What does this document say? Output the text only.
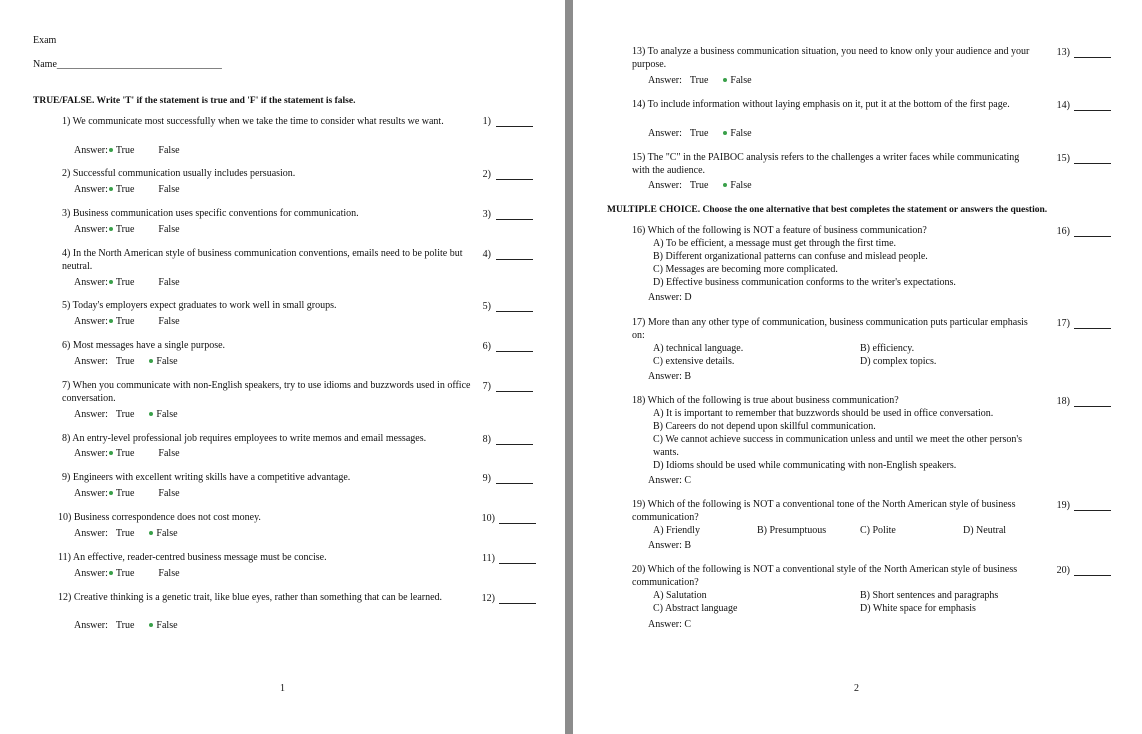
Exam
Name_________________________________
TRUE/FALSE. Write 'T' if the statement is true and 'F' if the statement is false.
1) We communicate most successfully when we take the time to consider what results we want.	1)
Answer: True False
2) Successful communication usually includes persuasion.	2)
Answer: True False
3) Business communication uses specific conventions for communication.	3)
Answer: True False
4) In the North American style of business communication conventions, emails need to be polite but neutral.
4)
Answer: True False
5) Today's employers expect graduates to work well in small groups.	5)
Answer: True False
6) Most messages have a single purpose.	6)
Answer: True False
7) When you communicate with non-English speakers, try to use idioms and buzzwords used in office conversation.
7)
Answer: True False
8) An entry-level professional job requires employees to write memos and email messages.	8)
Answer: True False
9) Engineers with excellent writing skills have a competitive advantage.	9)
Answer: True False
10) Business correspondence does not cost money.	10)
Answer: True False
11) An effective, reader-centred business message must be concise.	11)
Answer: True False
12) Creative thinking is a genetic trait, like blue eyes, rather than something that can be learned.	12)
Answer: True False
1
13) To analyze a business communication situation, you need to know only your audience and your purpose.
13)
Answer: True False
14) To include information without laying emphasis on it, put it at the bottom of the first page.	14)
Answer: True False
15) The "C" in the PAIBOC analysis refers to the challenges a writer faces while communicating with the audience.
15)
Answer: True False
MULTIPLE CHOICE. Choose the one alternative that best completes the statement or answers the question.
16) Which of the following is NOT a feature of business communication?	16)
A) To be efficient, a message must get through the first time.
B) Different organizational patterns can confuse and mislead people.
C) Messages are becoming more complicated.
D) Effective business communication conforms to the writer's expectations.
Answer: D
17) More than any other type of communication, business communication puts particular emphasis on:
17)
A) technical language.	B) efficiency.
C) extensive details.	D) complex topics.
Answer: B
18) Which of the following is true about business communication?	18)
A) It is important to remember that buzzwords should be used in office conversation.
B) Careers do not depend upon skillful communication.
C) We cannot achieve success in communication unless and until we meet the other person's wants.
D) Idioms should be used while communicating with non-English speakers.
Answer: C
19) Which of the following is NOT a conventional tone of the North American style of business communication?
19)
A) Friendly	B) Presumptuous	C) Polite	D) Neutral
Answer: B
20) Which of the following is NOT a conventional style of the North American style of business communication?
20)
A) Salutation	B) Short sentences and paragraphs
C) Abstract language	D) White space for emphasis
Answer: C
2
